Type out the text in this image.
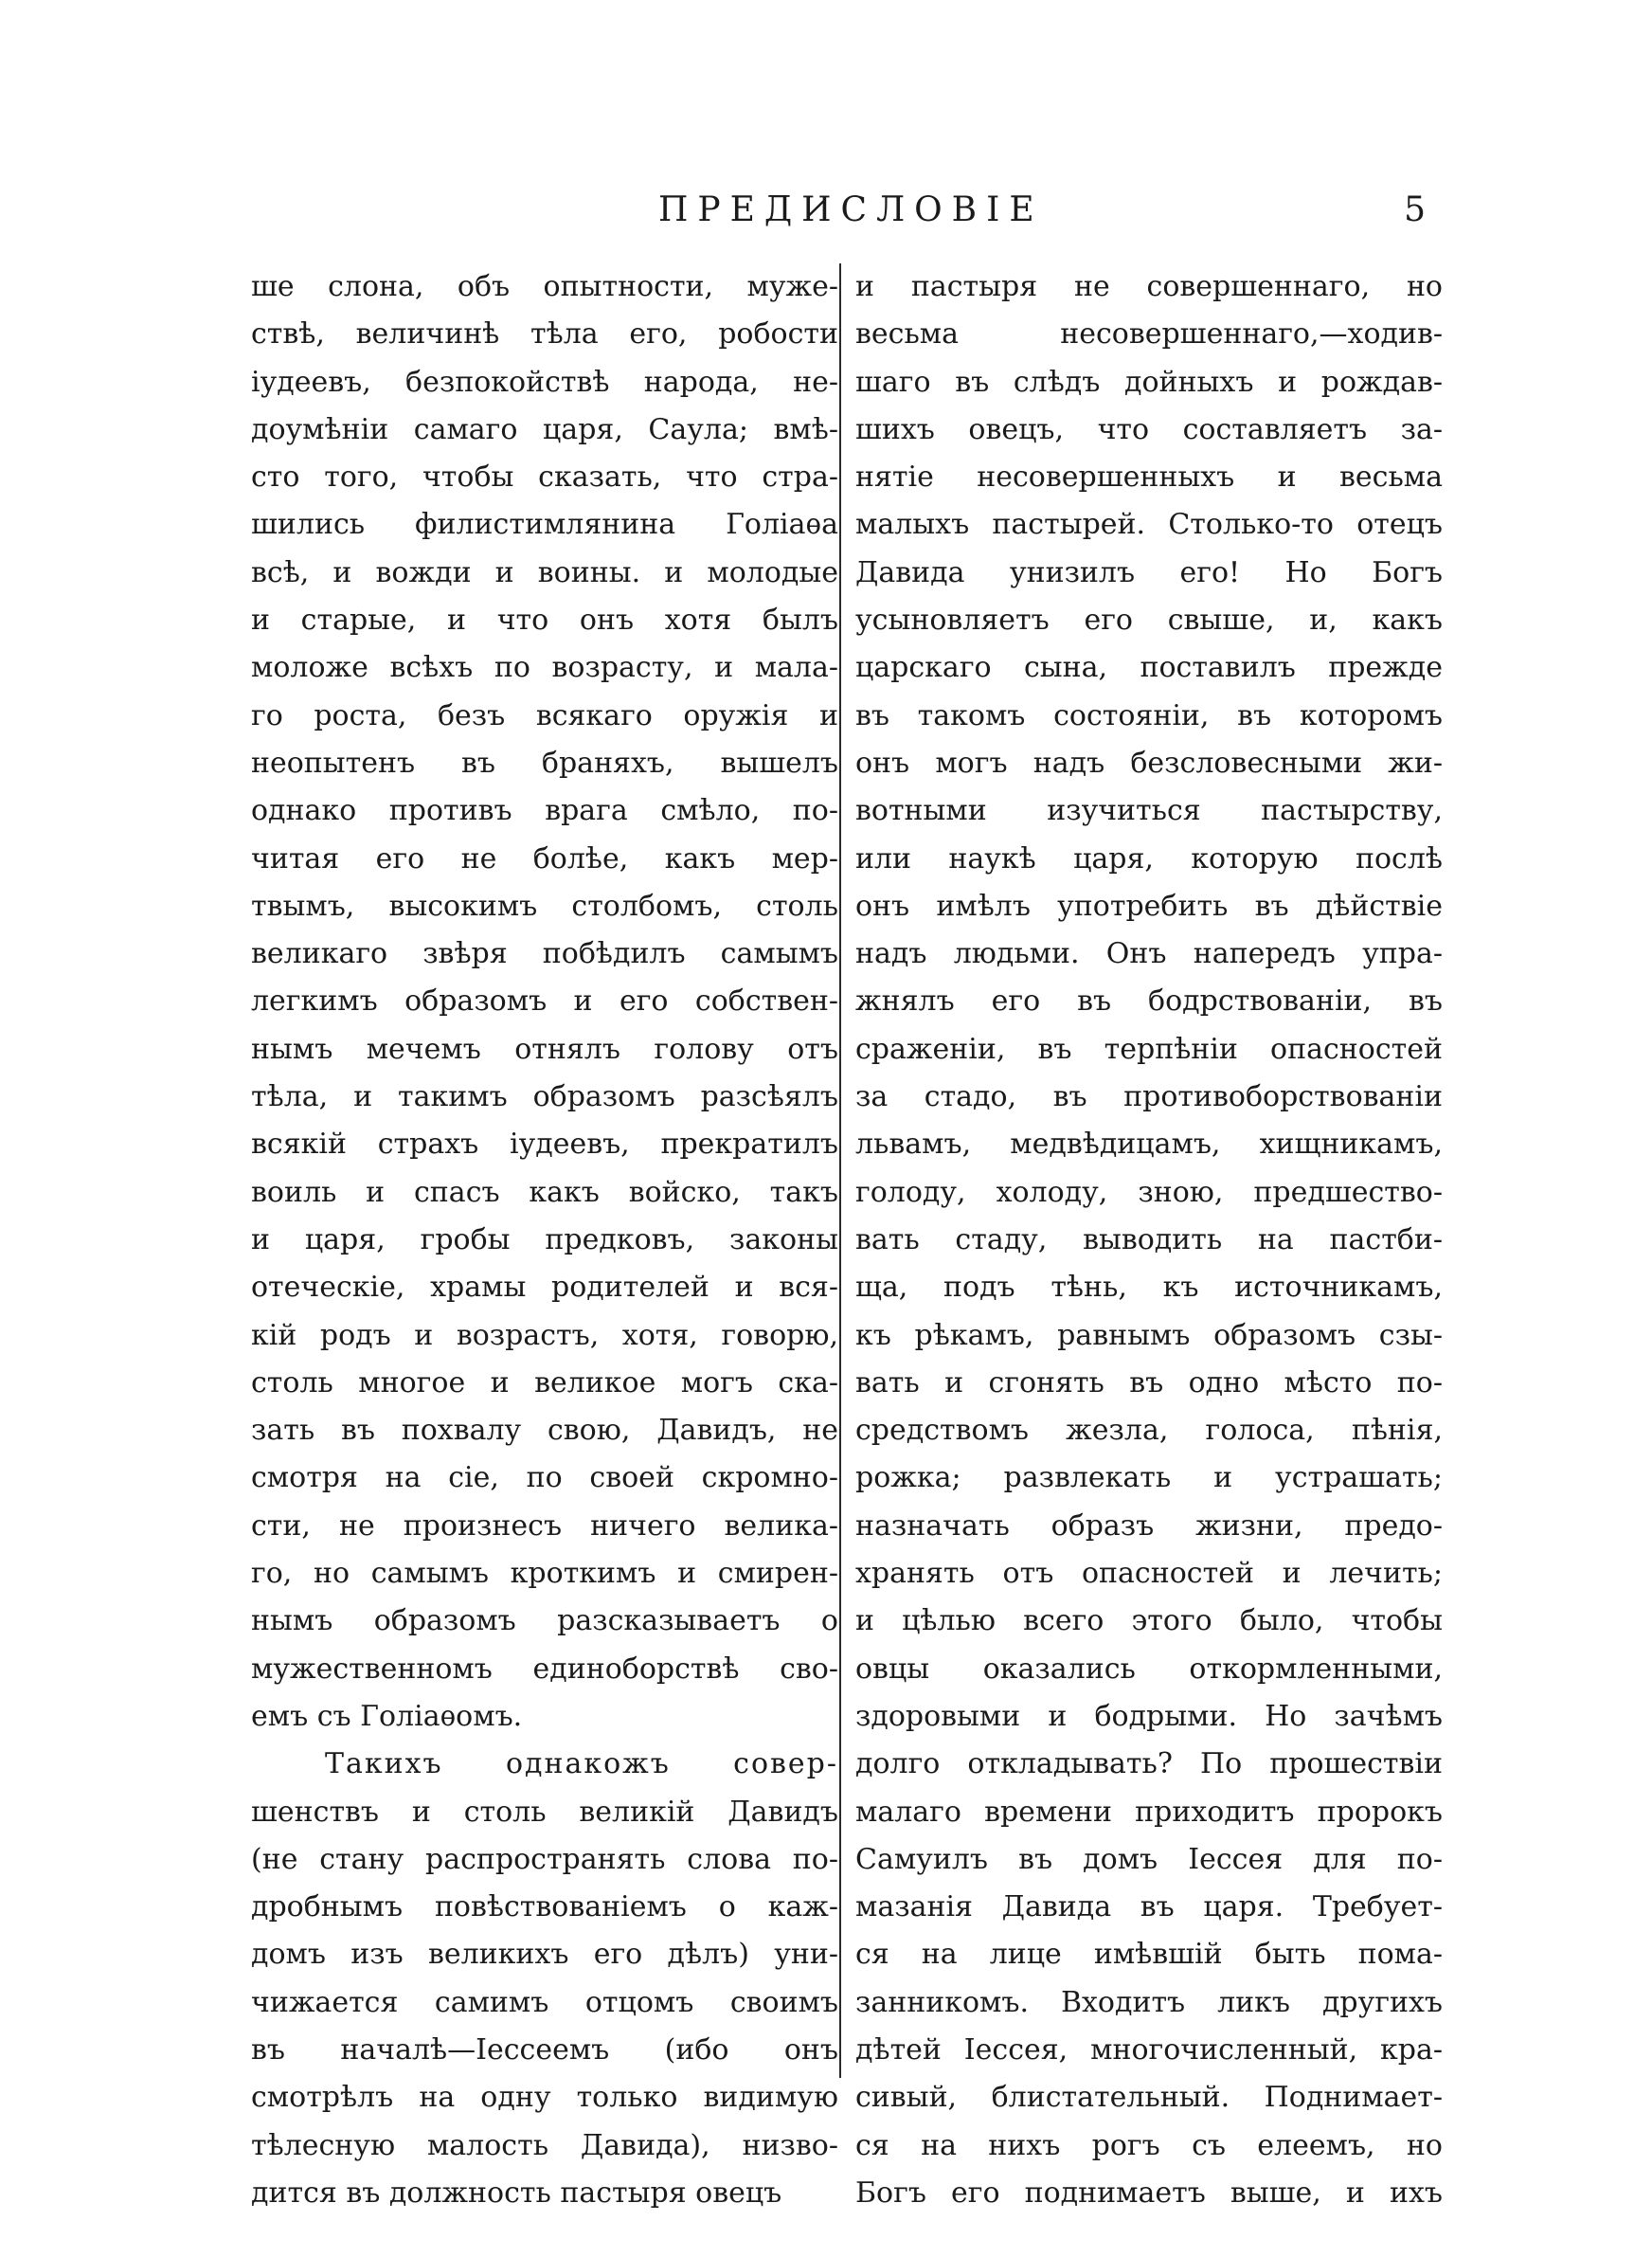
ПРЕДИСЛОВІЕ	5
ше слона, объ опытности, муже-
ствѣ, величинѣ тѣла его, робости
іудеевъ, безпокойствѣ народа, не-
доумѣніи самаго царя, Саула; вмѣ-
сто того, чтобы сказать, что стра-
шились филистимлянина Голіаѳа
всѣ, и вожди и воины. и молодые
и старые, и что онъ хотя былъ
моложе всѣхъ по возрасту, и мала-
го роста, безъ всякаго оружія и
неопытенъ въ браняхъ, вышелъ
однако противъ врага смѣло, по-
читая его не болѣе, какъ мер-
твымъ, высокимъ столбомъ, столь
великаго звѣря побѣдилъ самымъ
легкимъ образомъ и его собствен-
нымъ мечемъ отнялъ голову отъ
тѣла, и такимъ образомъ разсѣялъ
всякій страхъ іудеевъ, прекратилъ
воиль и спасъ какъ войско, такъ
и царя, гробы предковъ, законы
отеческіе, храмы родителей и вся-
кій родъ и возрастъ, хотя, говорю,
столь многое и великое могъ ска-
зать въ похвалу свою, Давидъ, не
смотря на сіе, по своей скромно-
сти, не произнесъ ничего велика-
го, но самымъ кроткимъ и смирен-
нымъ образомъ разсказываетъ о
мужественномъ единоборствѣ сво-
емъ съ Голіаѳомъ.
Такихъ однакожъ совер-
шенствъ и столь великій Давидъ
(не стану распространять слова по-
дробнымъ повѣствованіемъ о каж-
домъ изъ великихъ его дѣлъ) уни-
чижается самимъ отцомъ своимъ
въ началѣ—Іессеемъ (ибо онъ
смотрѣлъ на одну только видимую
тѣлесную малость Давида), низво-
дится въ должность пастыря овецъ
и пастыря не совершеннаго, но
весьма несовершеннаго,—ходив-
шаго въ слѣдъ дойныхъ и рождав-
шихъ овецъ, что составляетъ за-
нятіе несовершенныхъ и весьма
малыхъ пастырей. Столько-то отецъ
Давида унизилъ его! Но Богъ
усыновляетъ его свыше, и, какъ
царскаго сына, поставилъ прежде
въ такомъ состояніи, въ которомъ
онъ могъ надъ безсловесными жи-
вотными изучиться пастырству,
или наукѣ царя, которую послѣ
онъ имѣлъ употребить въ дѣйствіе
надъ людьми. Онъ напередъ упра-
жнялъ его въ бодрствованіи, въ
сраженіи, въ терпѣніи опасностей
за стадо, въ противоборствованіи
львамъ, медвѣдицамъ, хищникамъ,
голоду, холоду, зною, предшество-
вать стаду, выводить на пастби-
ща, подъ тѣнь, къ источникамъ,
къ рѣкамъ, равнымъ образомъ сзы-
вать и сгонять въ одно мѣсто по-
средствомъ жезла, голоса, пѣнія,
рожка; развлекать и устрашать;
назначать образъ жизни, предо-
хранять отъ опасностей и лечить;
и цѣлью всего этого было, чтобы
овцы оказались откормленными,
здоровыми и бодрыми. Но зачѣмъ
долго откладывать? По прошествіи
малаго времени приходитъ пророкъ
Самуилъ въ домъ Іессея для по-
мазанія Давида въ царя. Требует-
ся на лице имѣвшій быть пома-
занникомъ. Входитъ ликъ другихъ
дѣтей Іессея, многочисленный, кра-
сивый, блистательный. Поднимает-
ся на нихъ рогъ съ елеемъ, но
Богъ его поднимаетъ выше, и ихъ
